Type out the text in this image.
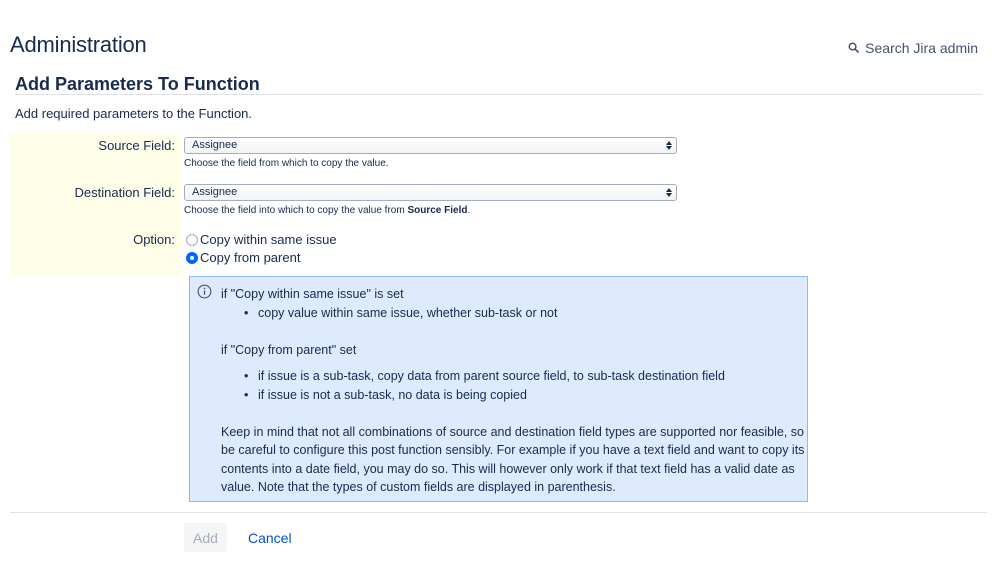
Administration	Search Jira admin
Add Parameters To Function

Add required parameters to the Function.

Source Field:	Assignee
Choose the field from which to copy the value.
Destination Field:	Assignee
Choose the field into which to copy the value from Source Field.
Option: Copy within same issue
Copy from parent
if "Copy within same issue" is set
• copy value within same issue, whether sub-task or not
if "Copy from parent" set
• if issue is a sub-task, copy data from parent source field, to sub-task destination field
• if issue is not a sub-task, no data is being copied

Keep in mind that not all combinations of source and destination field types are supported nor feasible, so be careful to configure this post function sensibly. For example if you have a text field and want to copy its contents into a date field, you may do so. This will however only work if that text field has a valid date as value. Note that the types of custom fields are displayed in parenthesis.

Add	Cancel
